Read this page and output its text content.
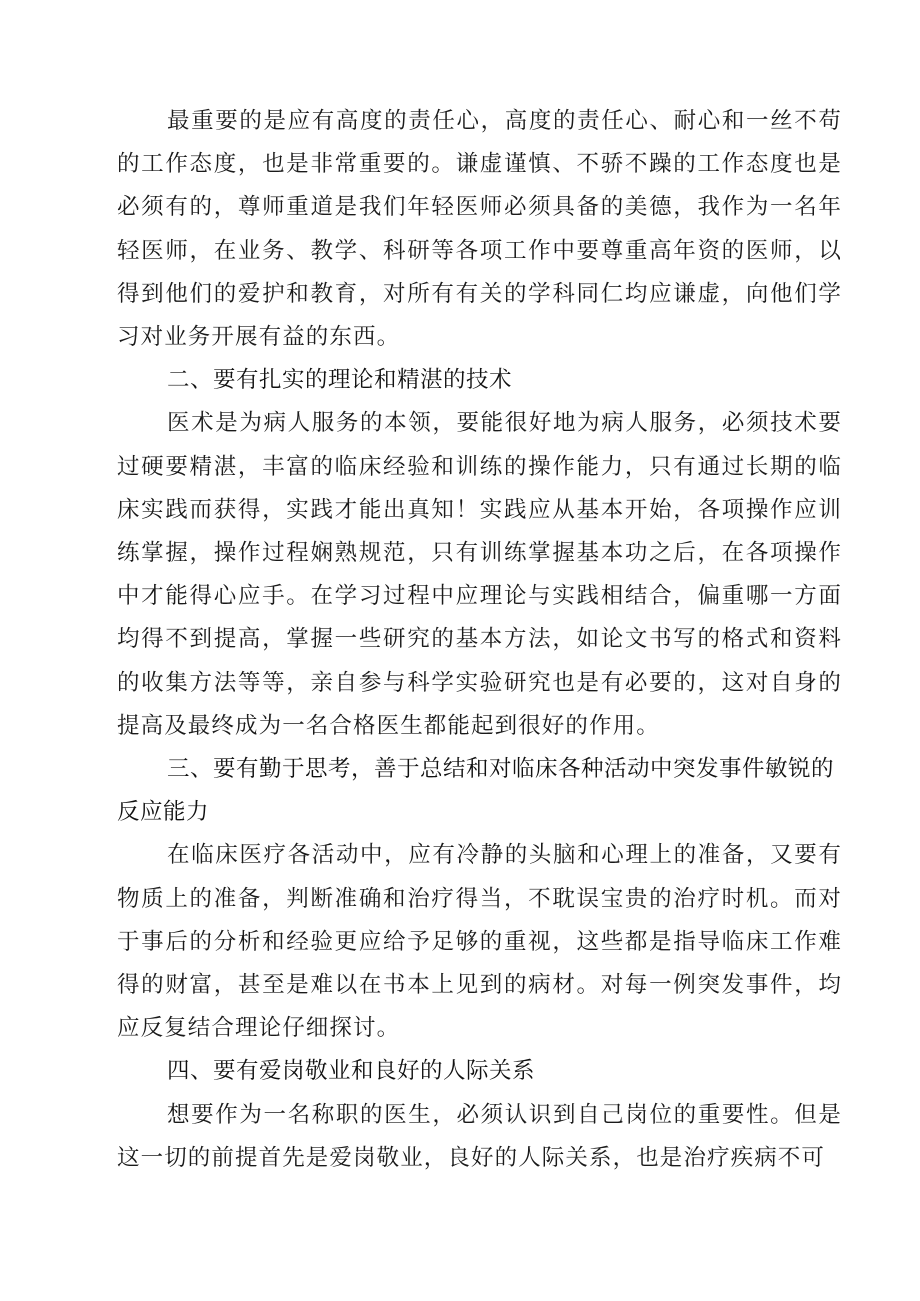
最重要的是应有高度的责任心，高度的责任心、耐心和一丝不苟的工作态度，也是非常重要的。谦虚谨慎、不骄不躁的工作态度也是必须有的，尊师重道是我们年轻医师必须具备的美德，我作为一名年轻医师，在业务、教学、科研等各项工作中要尊重高年资的医师，以得到他们的爱护和教育，对所有有关的学科同仁均应谦虚，向他们学习对业务开展有益的东西。

二、要有扎实的理论和精湛的技术

医术是为病人服务的本领，要能很好地为病人服务，必须技术要过硬要精湛，丰富的临床经验和训练的操作能力，只有通过长期的临床实践而获得，实践才能出真知！实践应从基本开始，各项操作应训练掌握，操作过程娴熟规范，只有训练掌握基本功之后，在各项操作中才能得心应手。在学习过程中应理论与实践相结合，偏重哪一方面均得不到提高，掌握一些研究的基本方法，如论文书写的格式和资料的收集方法等等，亲自参与科学实验研究也是有必要的，这对自身的提高及最终成为一名合格医生都能起到很好的作用。

三、要有勤于思考，善于总结和对临床各种活动中突发事件敏锐的反应能力

在临床医疗各活动中，应有冷静的头脑和心理上的准备，又要有物质上的准备，判断准确和治疗得当，不耽误宝贵的治疗时机。而对于事后的分析和经验更应给予足够的重视，这些都是指导临床工作难得的财富，甚至是难以在书本上见到的病材。对每一例突发事件，均应反复结合理论仔细探讨。

四、要有爱岗敬业和良好的人际关系

想要作为一名称职的医生，必须认识到自己岗位的重要性。但是这一切的前提首先是爱岗敬业，良好的人际关系，也是治疗疾病不可
